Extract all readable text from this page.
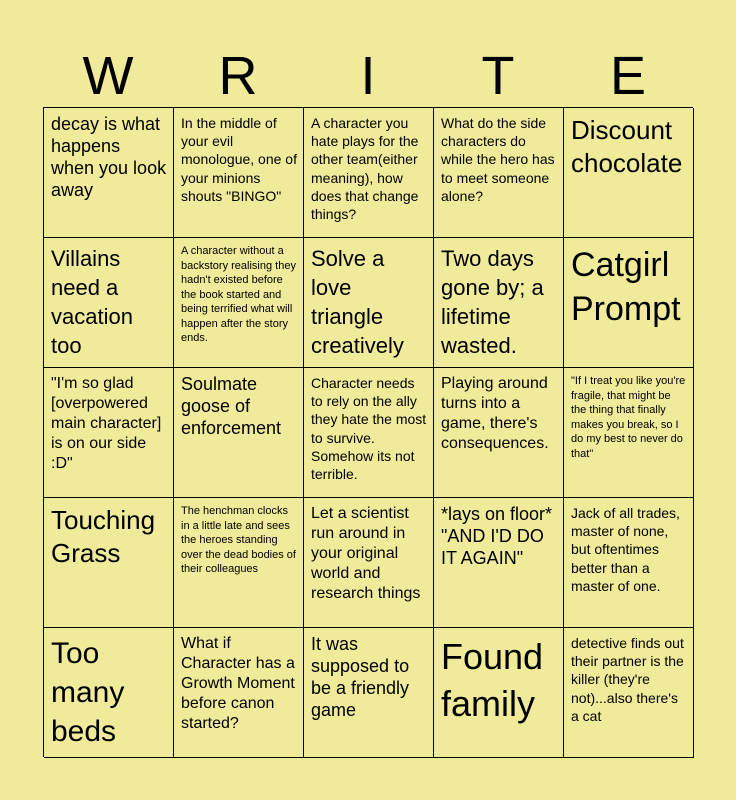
W	R	I	T	E
decay is what happens when you look away
In the middle of your evil monologue, one of your minions shouts "BINGO"
A character you hate plays for the other team(either meaning), how does that change things?
What do the side characters do while the hero has to meet someone alone?
Discount chocolate
Villains need a vacation too
A character without a backstory realising they hadn't existed before the book started and being terrified what will happen after the story ends.
Solve a love triangle creatively
Two days gone by; a lifetime wasted.
Catgirl Prompt
"I'm so glad [overpowered main character] is on our side :D"
Soulmate goose of enforcement
Character needs to rely on the ally they hate the most to survive. Somehow its not terrible.
Playing around turns into a game, there's consequences.
"If I treat you like you're fragile, that might be the thing that finally makes you break, so I do my best to never do that"
Touching Grass
The henchman clocks in a little late and sees the heroes standing over the dead bodies of their colleagues
Let a scientist run around in your original world and research things
*lays on floor* "AND I'D DO IT AGAIN"
Jack of all trades, master of none, but oftentimes better than a master of one.
Too many beds
What if Character has a Growth Moment before canon started?
It was supposed to be a friendly game
Found family
detective finds out their partner is the killer (they're not)...also there's a cat
